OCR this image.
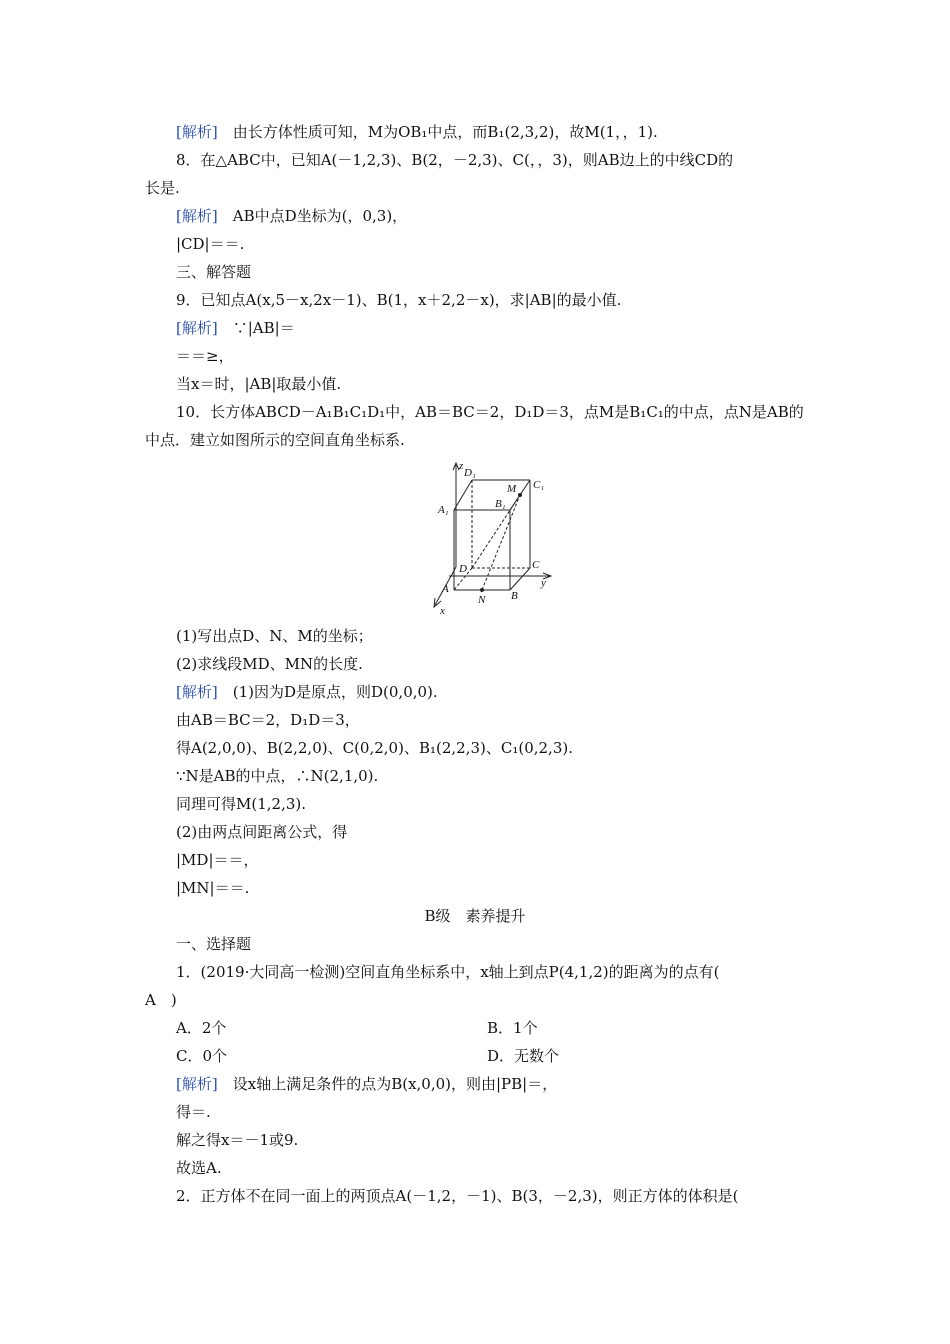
[解析]　 由长方体性质可知，M为OB₁中点，而B₁(2,3,2)，故M(1，，1).
8．在△ABC中，已知A(－1,2,3)、B(2，－2,3)、C(，，3)，则AB边上的中线CD的
长是.
[解析]　 AB中点D坐标为(，0,3)，
|CD|＝＝.
三、解答题
9．已知点A(x,5－x,2x－1)、B(1，x＋2,2－x)，求|AB|的最小值.
[解析]　 ∵|AB|＝
＝＝≥，
当x＝时，|AB|取最小值.
10．长方体ABCD－A₁B₁C₁D₁中，AB＝BC＝2，D₁D＝3，点M是B₁C₁的中点，点N是AB的
中点．建立如图所示的空间直角坐标系.
z
D₁
M C₁
B₁
A₁
D	C
y
A
N B
x
(1)写出点D、N、M的坐标；
(2)求线段MD、MN的长度.
[解析]　 (1)因为D是原点，则D(0,0,0).
由AB＝BC＝2，D₁D＝3，
得A(2,0,0)、B(2,2,0)、C(0,2,0)、B₁(2,2,3)、C₁(0,2,3).
∵N是AB的中点，∴N(2,1,0).
同理可得M(1,2,3).
(2)由两点间距离公式，得
|MD|＝＝，
|MN|＝＝.
B级　素养提升
一、选择题
1．(2019·大同高一检测)空间直角坐标系中，x轴上到点P(4,1,2)的距离为的点有(
A　)
A．2个	B．1个
C．0个	D．无数个
[解析]　 设x轴上满足条件的点为B(x,0,0)，则由|PB|＝，
得＝.
解之得x＝－1或9.
故选A.
2．正方体不在同一面上的两顶点A(－1,2，－1)、B(3，－2,3)，则正方体的体积是(
